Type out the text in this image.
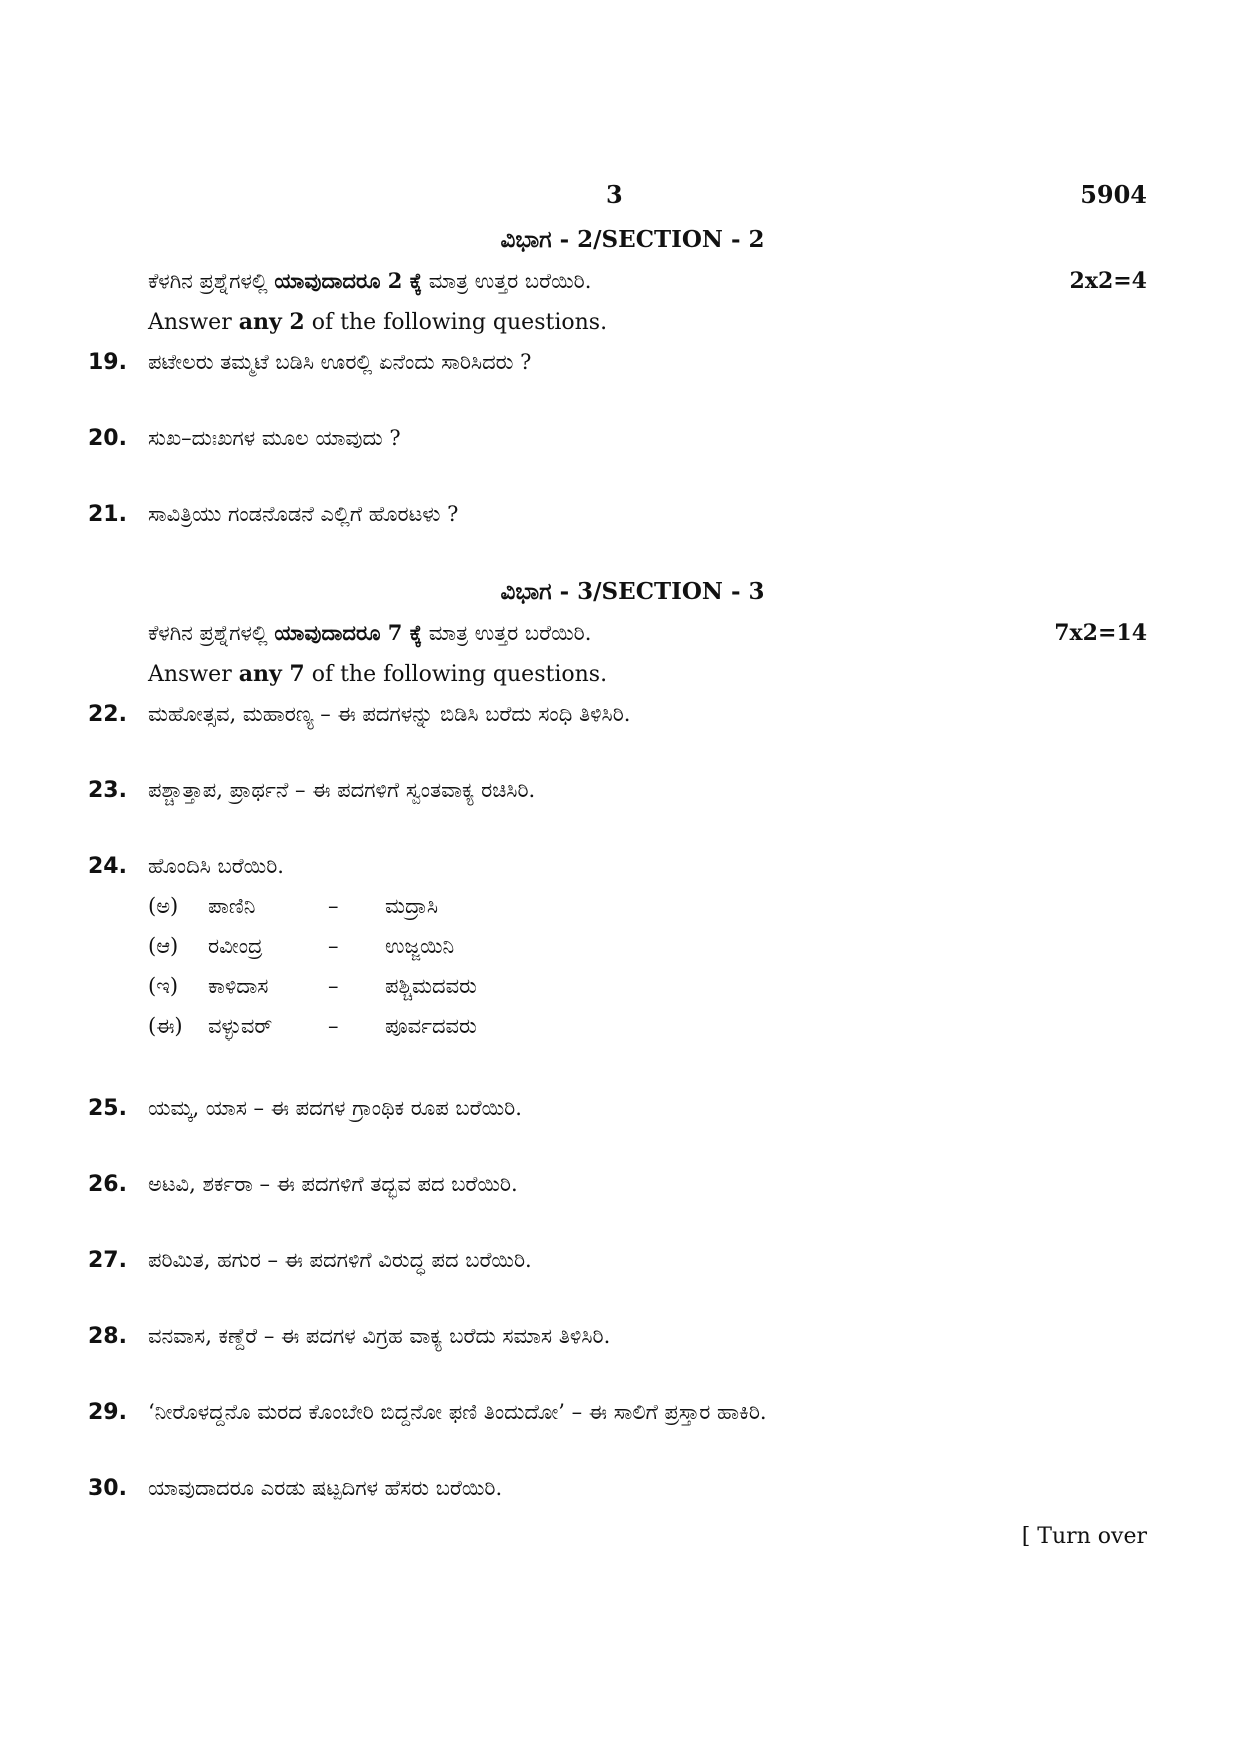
3	5904
ವಿಭಾಗ - 2/SECTION - 2
ಕೆಳಗಿನ ಪ್ರಶ್ನೆಗಳಲ್ಲಿ ಯಾವುದಾದರೂ 2 ಕ್ಕೆ ಮಾತ್ರ ಉತ್ತರ ಬರೆಯಿರಿ.	2x2=4
Answer any 2 of the following questions.
19.	ಪಟೇಲರು ತಮ್ಮಟೆ ಬಡಿಸಿ ಊರಲ್ಲಿ ಏನೆಂದು ಸಾರಿಸಿದರು ?
20.	ಸುಖ–ದುಃಖಗಳ ಮೂಲ ಯಾವುದು ?
21.	ಸಾವಿತ್ರಿಯು ಗಂಡನೊಡನೆ ಎಲ್ಲಿಗೆ ಹೊರಟಳು ?
ವಿಭಾಗ - 3/SECTION - 3
ಕೆಳಗಿನ ಪ್ರಶ್ನೆಗಳಲ್ಲಿ ಯಾವುದಾದರೂ 7 ಕ್ಕೆ ಮಾತ್ರ ಉತ್ತರ ಬರೆಯಿರಿ.	7x2=14
Answer any 7 of the following questions.
22.	ಮಹೋತ್ಸವ, ಮಹಾರಣ್ಯ – ಈ ಪದಗಳನ್ನು ಬಿಡಿಸಿ ಬರೆದು ಸಂಧಿ ತಿಳಿಸಿರಿ.
23.	ಪಶ್ಚಾತ್ತಾಪ, ಪ್ರಾರ್ಥನೆ – ಈ ಪದಗಳಿಗೆ ಸ್ವಂತವಾಕ್ಯ ರಚಿಸಿರಿ.
24.	ಹೊಂದಿಸಿ ಬರೆಯಿರಿ.
(ಅ)	ಪಾಣಿನಿ	–	ಮದ್ರಾಸಿ
(ಆ)	ರವೀಂದ್ರ	–	ಉಜ್ಜಯಿನಿ
(ಇ)	ಕಾಳಿದಾಸ	–	ಪಶ್ಚಿಮದವರು
(ಈ)	ವಳ್ಳುವರ್	–	ಪೂರ್ವದವರು
25.	ಯಮ್ಕ, ಯಾಸ – ಈ ಪದಗಳ ಗ್ರಾಂಥಿಕ ರೂಪ ಬರೆಯಿರಿ.
26.	ಅಟವಿ, ಶರ್ಕರಾ – ಈ ಪದಗಳಿಗೆ ತದ್ಭವ ಪದ ಬರೆಯಿರಿ.
27.	ಪರಿಮಿತ, ಹಗುರ – ಈ ಪದಗಳಿಗೆ ವಿರುದ್ಧ ಪದ ಬರೆಯಿರಿ.
28.	ವನವಾಸ, ಕಣ್ದೆರೆ – ಈ ಪದಗಳ ವಿಗ್ರಹ ವಾಕ್ಯ ಬರೆದು ಸಮಾಸ ತಿಳಿಸಿರಿ.
29.	‘ನೀರೊಳದ್ದನೊ ಮರದ ಕೊಂಬೇರಿ ಬಿದ್ದನೋ ಫಣಿ ತಿಂದುದೋ’ – ಈ ಸಾಲಿಗೆ ಪ್ರಸ್ತಾರ ಹಾಕಿರಿ.
30.	ಯಾವುದಾದರೂ ಎರಡು ಷಟ್ಪದಿಗಳ ಹೆಸರು ಬರೆಯಿರಿ.
[ Turn over
